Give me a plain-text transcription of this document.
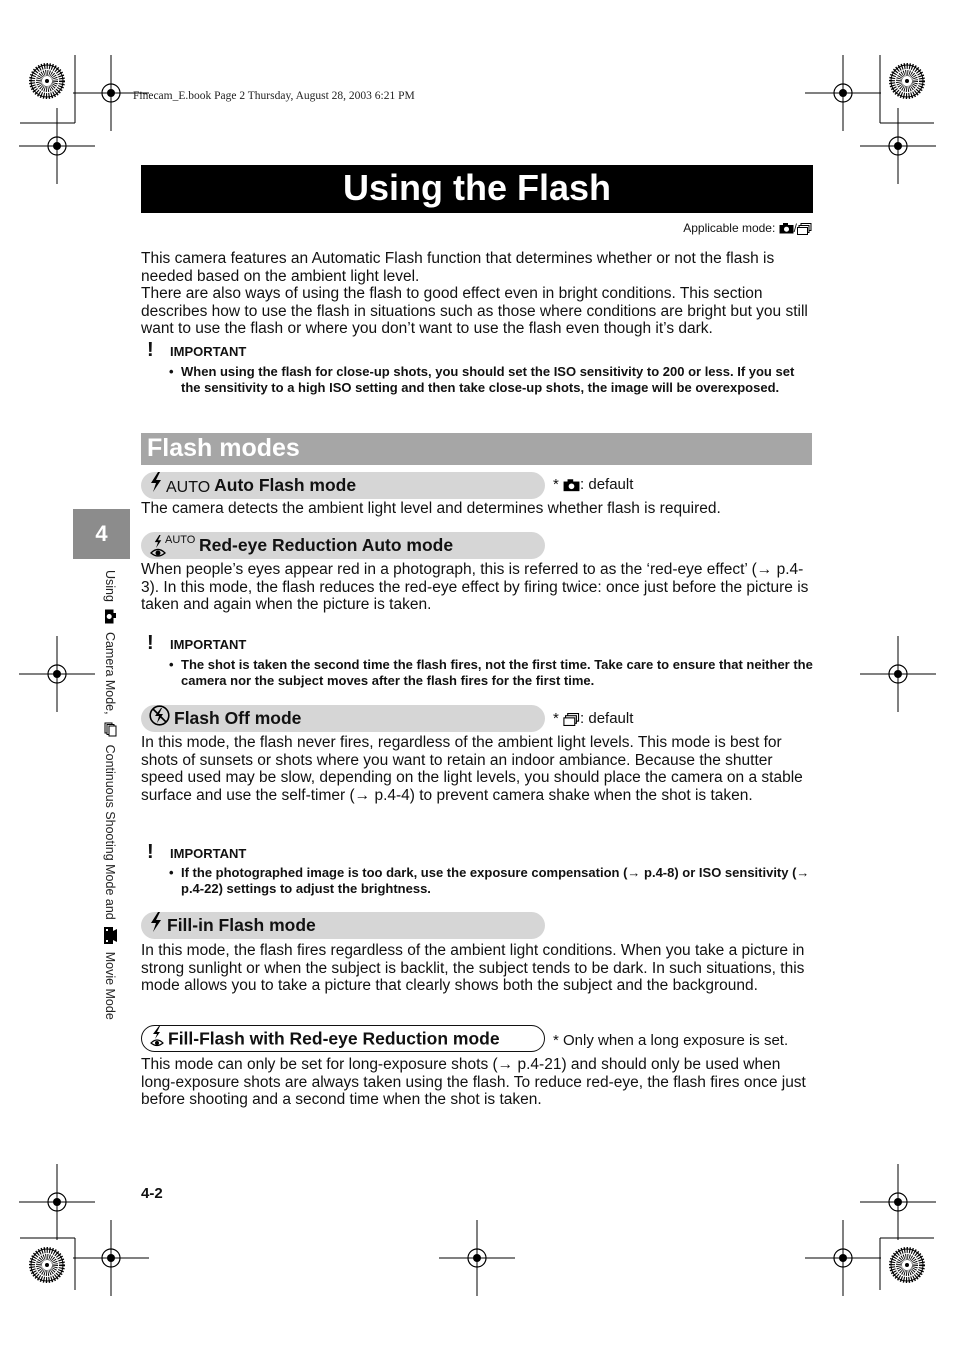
Finecam_E.book Page 2 Thursday, August 28, 2003 6:21 PM
Using the Flash
Applicable mode: /
This camera features an Automatic Flash function that determines whether or not the flash is needed based on the ambient light level.
There are also ways of using the flash to good effect even in bright conditions. This section describes how to use the flash in situations such as those where conditions are bright but you still want to use the flash or where you don’t want to use the flash even though it’s dark.
! IMPORTANT
• When using the flash for close-up shots, you should set the ISO sensitivity to 200 or less. If you set the sensitivity to a high ISO setting and then take close-up shots, the image will be overexposed.
Flash modes
AUTO Auto Flash mode	* : default
The camera detects the ambient light level and determines whether flash is required.
AUTO Red-eye Reduction Auto mode
When people’s eyes appear red in a photograph, this is referred to as the ‘red-eye effect’ (→ p.4-3). In this mode, the flash reduces the red-eye effect by firing twice: once just before the picture is taken and again when the picture is taken.
! IMPORTANT
• The shot is taken the second time the flash fires, not the first time. Take care to ensure that neither the camera nor the subject moves after the flash fires for the first time.
Flash Off mode	* : default
In this mode, the flash never fires, regardless of the ambient light levels. This mode is best for shots of sunsets or shots where you want to retain an indoor ambiance. Because the shutter speed used may be slow, depending on the light levels, you should place the camera on a stable surface and use the self-timer (→ p.4-4) to prevent camera shake when the shot is taken.
! IMPORTANT
• If the photographed image is too dark, use the exposure compensation (→ p.4-8) or ISO sensitivity (→ p.4-22) settings to adjust the brightness.
Fill-in Flash mode
In this mode, the flash fires regardless of the ambient light conditions. When you take a picture in strong sunlight or when the subject is backlit, the subject tends to be dark. In such situations, this mode allows you to take a picture that clearly shows both the subject and the background.
Fill-Flash with Red-eye Reduction mode	* Only when a long exposure is set.
This mode can only be set for long-exposure shots (→ p.4-21) and should only be used when long-exposure shots are always taken using the flash. To reduce red-eye, the flash fires once just before shooting and a second time when the shot is taken.
4
Using  Camera Mode,  Continuous Shooting Mode and  Movie Mode
4-2
